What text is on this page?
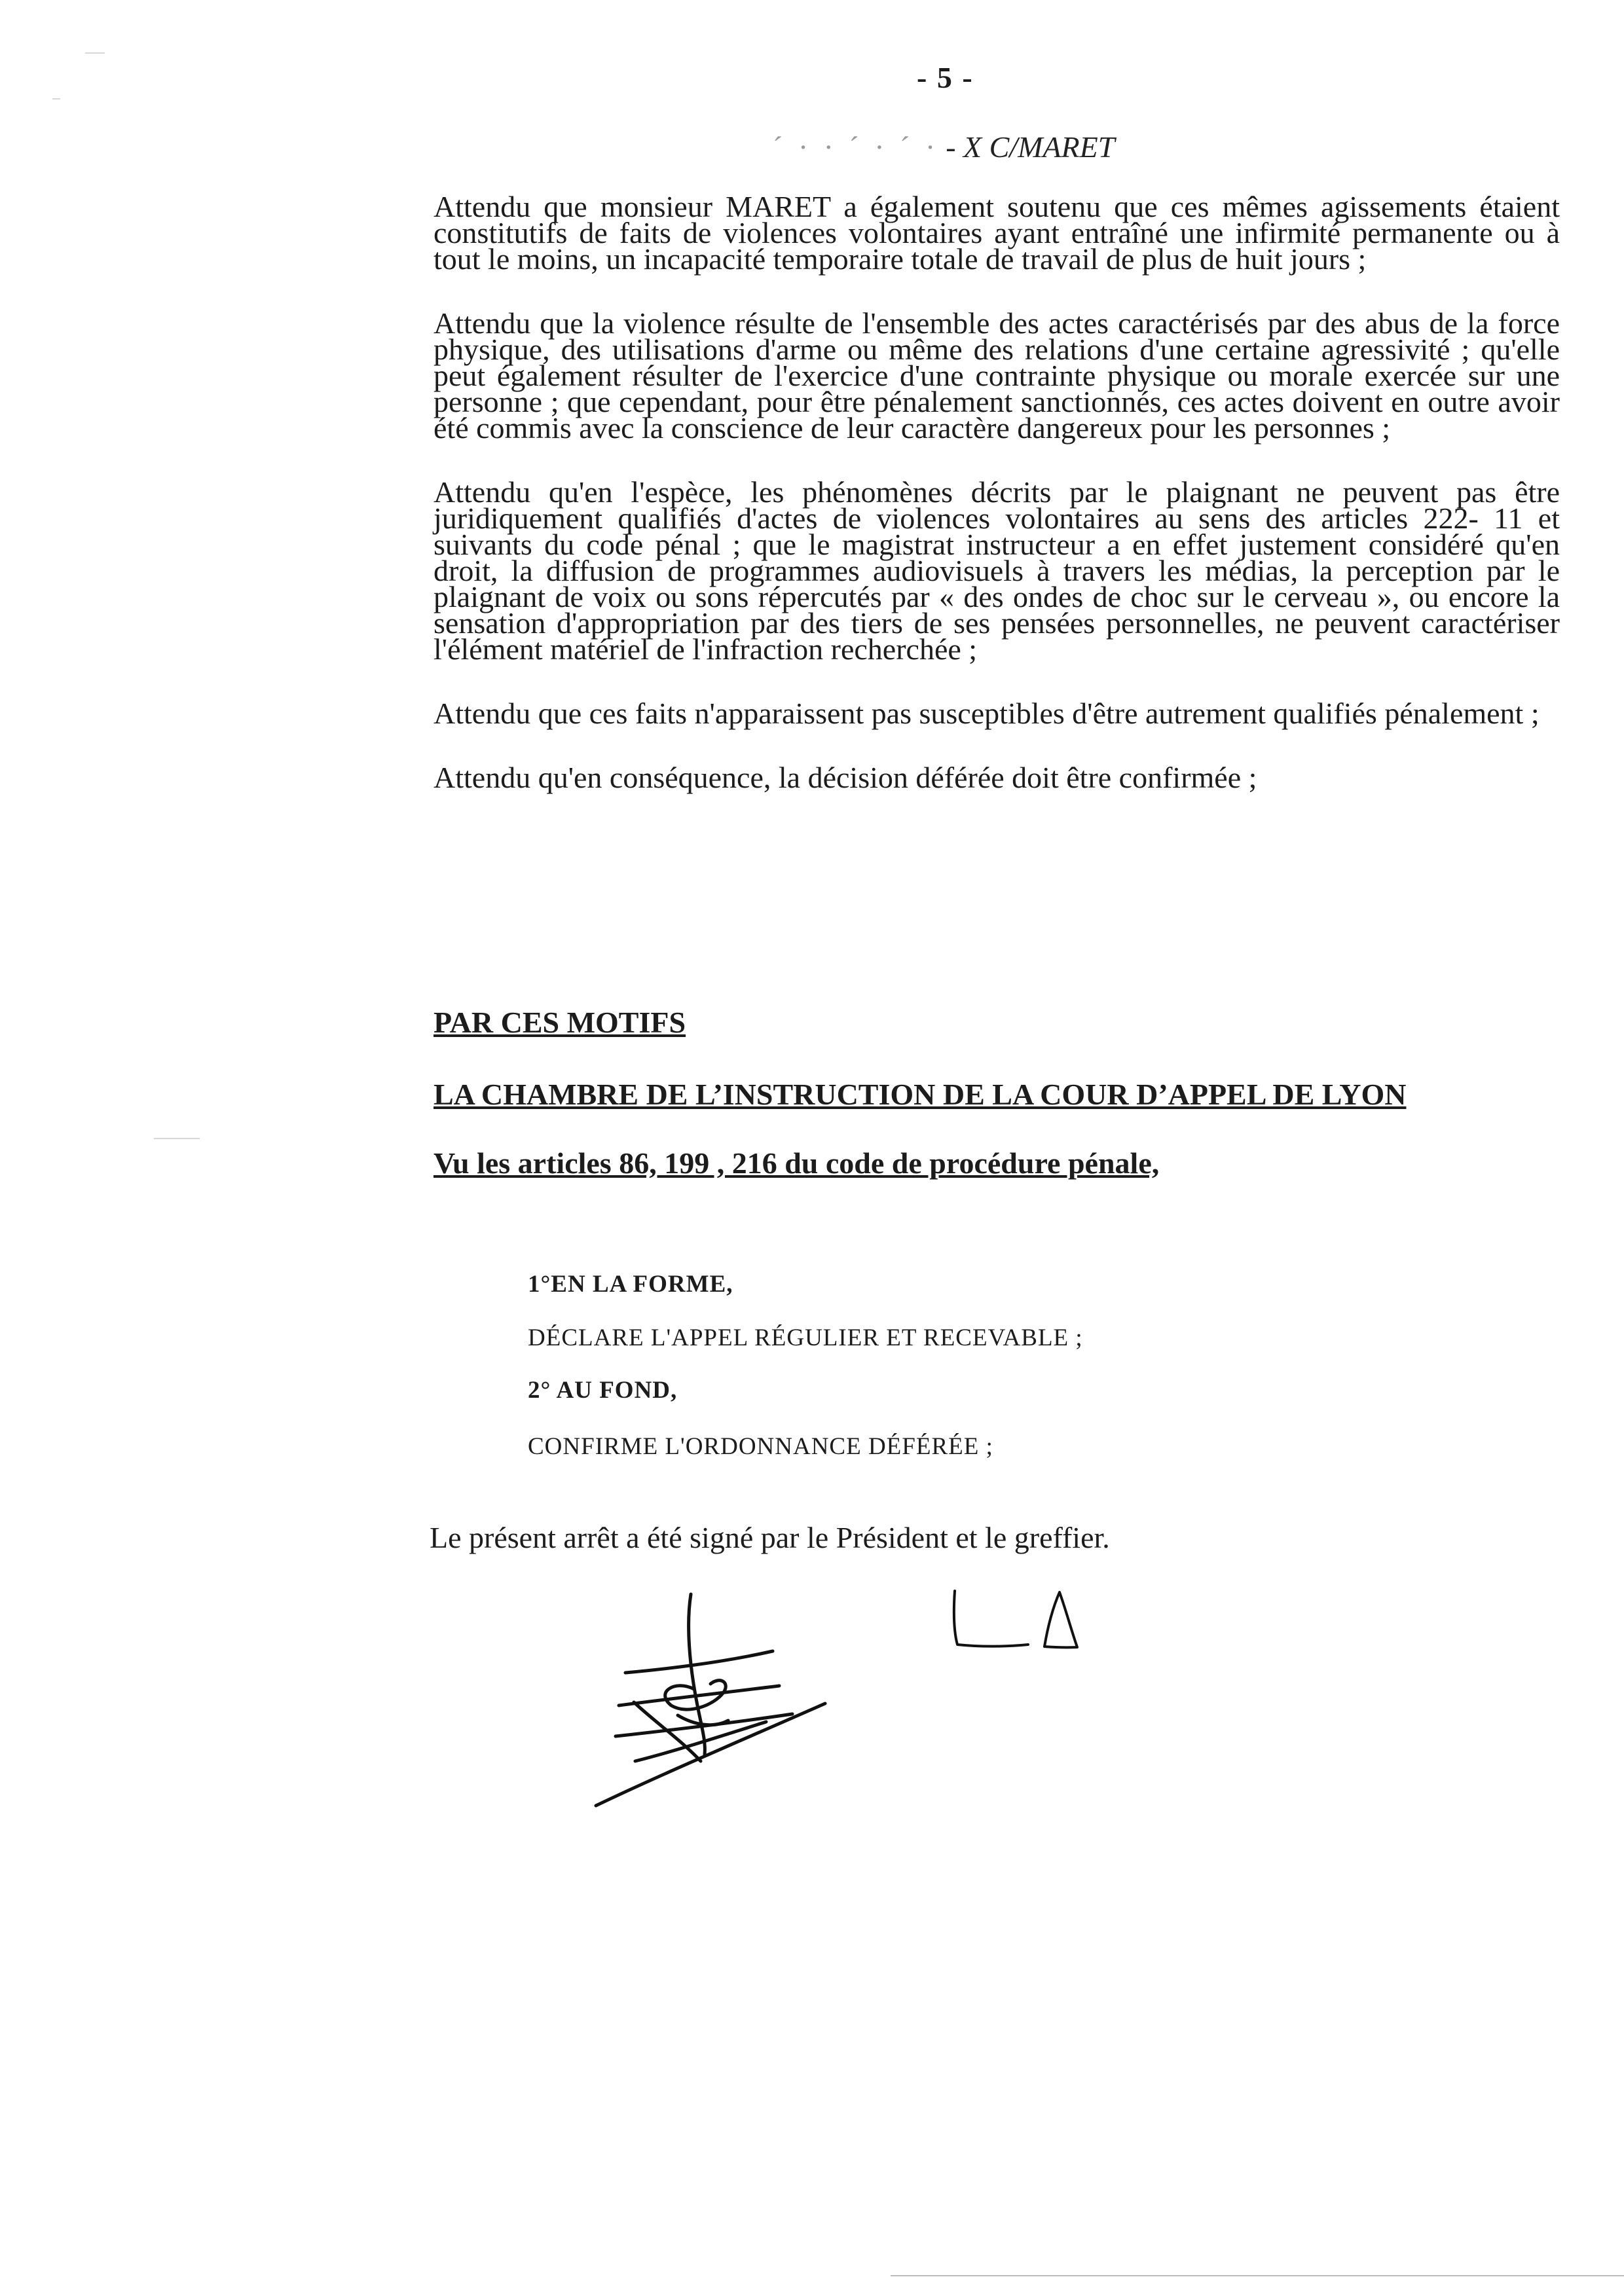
- 5 -
´ · · ´ · ´ · - X C/MARET

Attendu que monsieur MARET a également soutenu que ces mêmes agissements étaient constitutifs de faits de violences volontaires ayant entraîné une infirmité permanente ou à tout le moins, un incapacité temporaire totale de travail de plus de huit jours ;

Attendu que la violence résulte de l'ensemble des actes caractérisés par des abus de la force physique, des utilisations d'arme ou même des relations d'une certaine agressivité ; qu'elle peut également résulter de l'exercice d'une contrainte physique ou morale exercée sur une personne ; que cependant, pour être pénalement sanctionnés, ces actes doivent en outre avoir été commis avec la conscience de leur caractère dangereux pour les personnes ;

Attendu qu'en l'espèce, les phénomènes décrits par le plaignant ne peuvent pas être juridiquement qualifiés d'actes de violences volontaires au sens des articles 222- 11 et suivants du code pénal ; que le magistrat instructeur a en effet justement considéré qu'en droit, la diffusion de programmes audiovisuels à travers les médias, la perception par le plaignant de voix ou sons répercutés par « des ondes de choc sur le cerveau », ou encore la sensation d'appropriation par des tiers de ses pensées personnelles, ne peuvent caractériser l'élément matériel de l'infraction recherchée ;

Attendu que ces faits n'apparaissent pas susceptibles d'être autrement qualifiés pénalement ;

Attendu qu'en conséquence, la décision déférée doit être confirmée ;

PAR CES MOTIFS
LA CHAMBRE DE L’INSTRUCTION DE LA COUR D’APPEL DE LYON
Vu les articles 86, 199 , 216 du code de procédure pénale,
1°EN LA FORME,
DÉCLARE L'APPEL RÉGULIER ET RECEVABLE ;
2° AU FOND,
CONFIRME L'ORDONNANCE DÉFÉRÉE ;
Le présent arrêt a été signé par le Président et le greffier.
